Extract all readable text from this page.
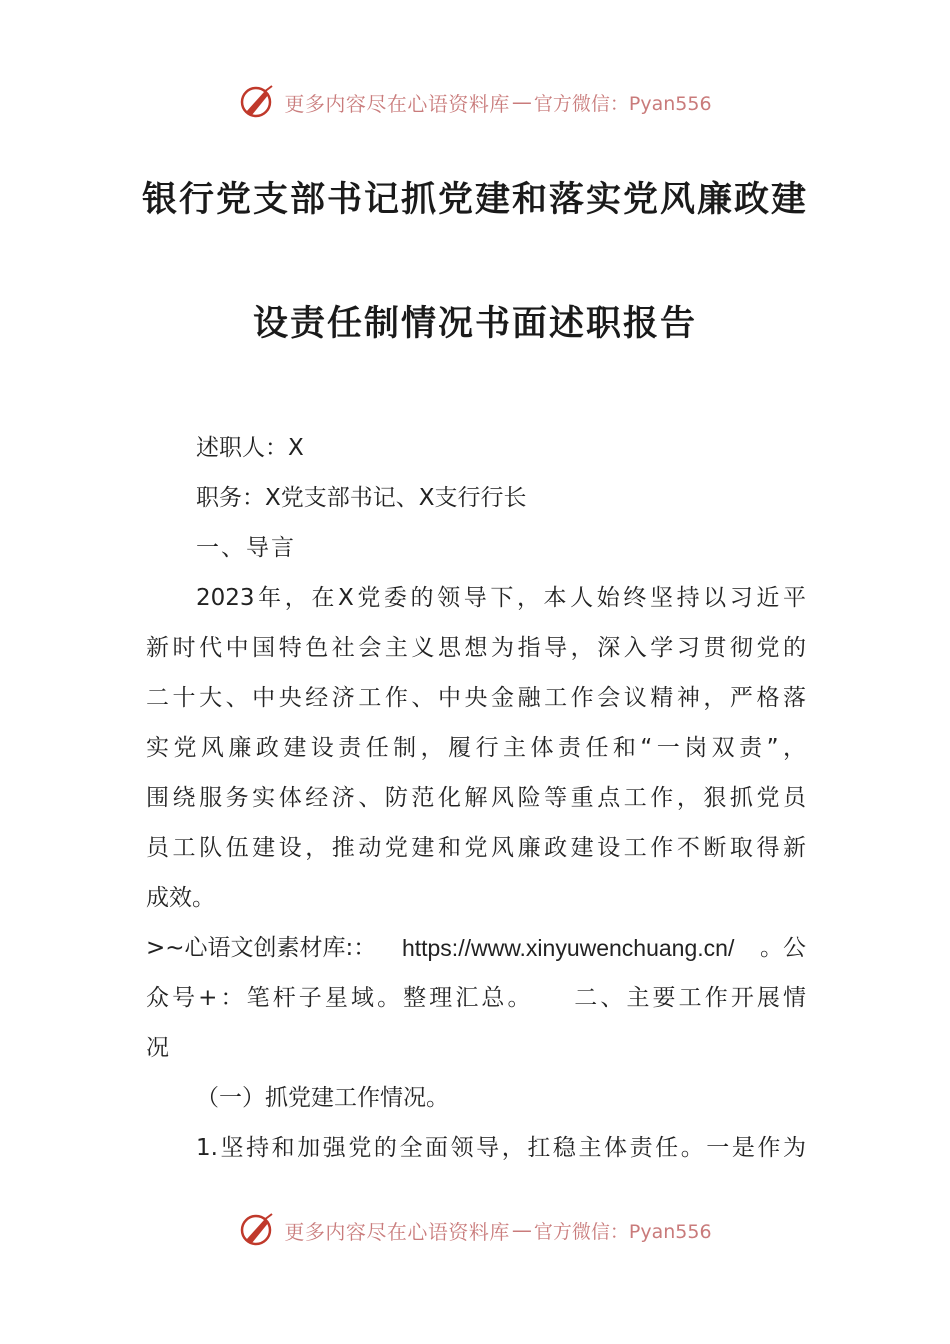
更多内容尽在心语资料库 — 官方微信：Pyan556
银行党支部书记抓党建和落实党风廉政建
设责任制情况书面述职报告
述职人：X
职务：X党支部书记、X支行行长
一、导言
2023年，在X党委的领导下，本人始终坚持以习近平
新时代中国特色社会主义思想为指导，深入学习贯彻党的
二十大、中央经济工作、中央金融工作会议精神，严格落
实党风廉政建设责任制，履行主体责任和“一岗双责”，
围绕服务实体经济、防范化解风险等重点工作，狠抓党员
员工队伍建设，推动党建和党风廉政建设工作不断取得新
成效。
>~心语文创素材库:： https://www.xinyuwenchuang.cn/ 。公
众号+：笔杆子星域。整理汇总。　　二、主要工作开展情
况
（一）抓党建工作情况。
1.坚持和加强党的全面领导，扛稳主体责任。一是作为
更多内容尽在心语资料库 — 官方微信：Pyan556
